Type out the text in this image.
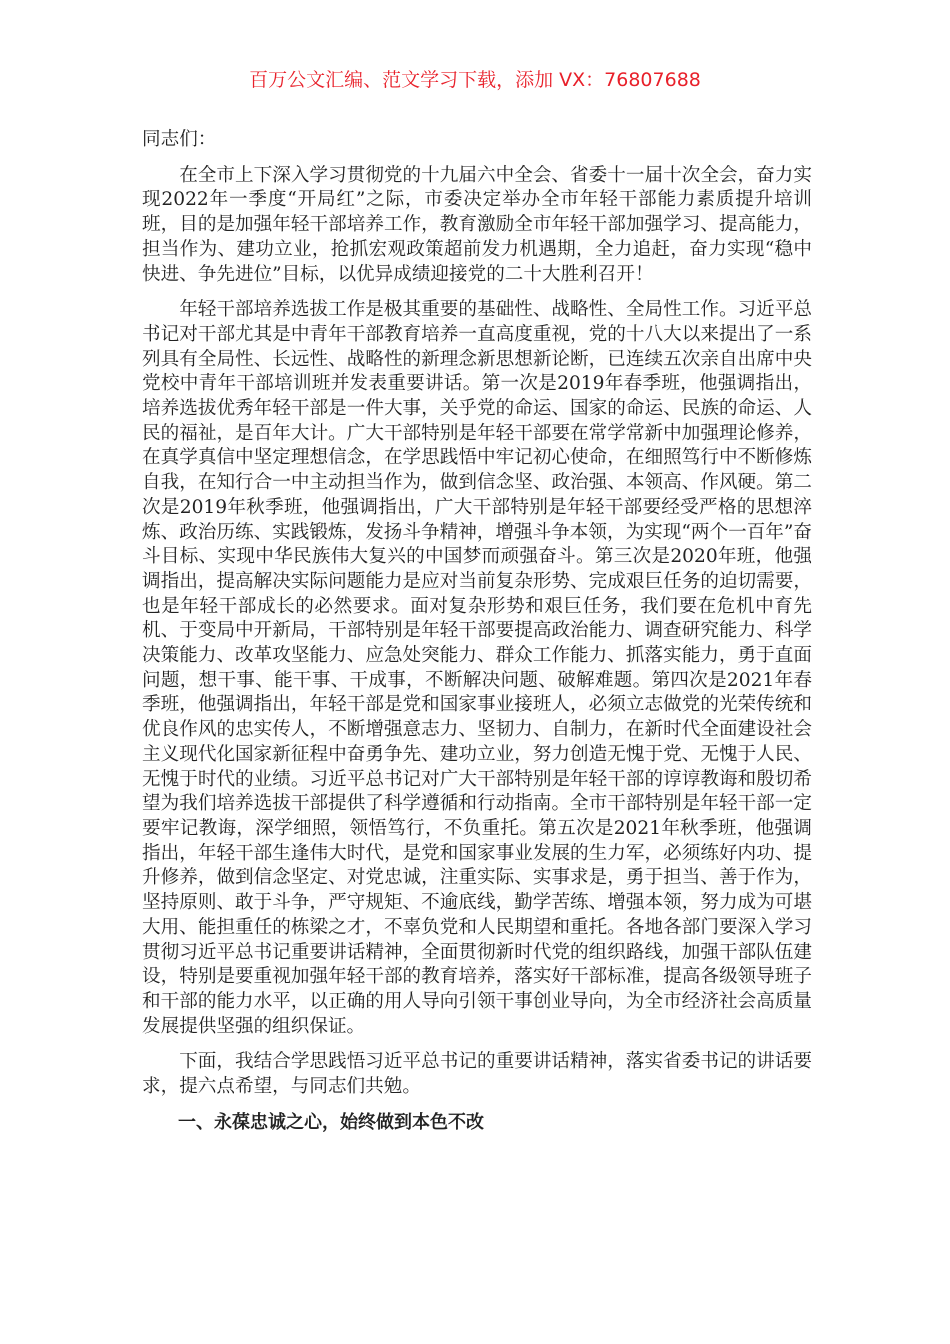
百万公文汇编、范文学习下载，添加 VX：76807688

同志们：

在全市上下深入学习贯彻党的十九届六中全会、省委十一届十次全会，奋力实现2022年一季度“开局红”之际，市委决定举办全市年轻干部能力素质提升培训班，目的是加强年轻干部培养工作，教育激励全市年轻干部加强学习、提高能力，担当作为、建功立业，抢抓宏观政策超前发力机遇期，全力追赶，奋力实现“稳中快进、争先进位”目标，以优异成绩迎接党的二十大胜利召开！

年轻干部培养选拔工作是极其重要的基础性、战略性、全局性工作。习近平总书记对干部尤其是中青年干部教育培养一直高度重视，党的十八大以来提出了一系列具有全局性、长远性、战略性的新理念新思想新论断，已连续五次亲自出席中央党校中青年干部培训班并发表重要讲话。第一次是2019年春季班，他强调指出，培养选拔优秀年轻干部是一件大事，关乎党的命运、国家的命运、民族的命运、人民的福祉，是百年大计。广大干部特别是年轻干部要在常学常新中加强理论修养，在真学真信中坚定理想信念，在学思践悟中牢记初心使命，在细照笃行中不断修炼自我，在知行合一中主动担当作为，做到信念坚、政治强、本领高、作风硬。第二次是2019年秋季班，他强调指出，广大干部特别是年轻干部要经受严格的思想淬炼、政治历练、实践锻炼，发扬斗争精神，增强斗争本领，为实现“两个一百年”奋斗目标、实现中华民族伟大复兴的中国梦而顽强奋斗。第三次是2020年班，他强调指出，提高解决实际问题能力是应对当前复杂形势、完成艰巨任务的迫切需要，也是年轻干部成长的必然要求。面对复杂形势和艰巨任务，我们要在危机中育先机、于变局中开新局，干部特别是年轻干部要提高政治能力、调查研究能力、科学决策能力、改革攻坚能力、应急处突能力、群众工作能力、抓落实能力，勇于直面问题，想干事、能干事、干成事，不断解决问题、破解难题。第四次是2021年春季班，他强调指出，年轻干部是党和国家事业接班人，必须立志做党的光荣传统和优良作风的忠实传人，不断增强意志力、坚韧力、自制力，在新时代全面建设社会主义现代化国家新征程中奋勇争先、建功立业，努力创造无愧于党、无愧于人民、无愧于时代的业绩。习近平总书记对广大干部特别是年轻干部的谆谆教诲和殷切希望为我们培养选拔干部提供了科学遵循和行动指南。全市干部特别是年轻干部一定要牢记教诲，深学细照，领悟笃行，不负重托。第五次是2021年秋季班，他强调指出，年轻干部生逢伟大时代，是党和国家事业发展的生力军，必须练好内功、提升修养，做到信念坚定、对党忠诚，注重实际、实事求是，勇于担当、善于作为，坚持原则、敢于斗争，严守规矩、不逾底线，勤学苦练、增强本领，努力成为可堪大用、能担重任的栋梁之才，不辜负党和人民期望和重托。各地各部门要深入学习贯彻习近平总书记重要讲话精神，全面贯彻新时代党的组织路线，加强干部队伍建设，特别是要重视加强年轻干部的教育培养，落实好干部标准，提高各级领导班子和干部的能力水平，以正确的用人导向引领干事创业导向，为全市经济社会高质量发展提供坚强的组织保证。

下面，我结合学思践悟习近平总书记的重要讲话精神，落实省委书记的讲话要求，提六点希望，与同志们共勉。

一、永葆忠诚之心，始终做到本色不改
